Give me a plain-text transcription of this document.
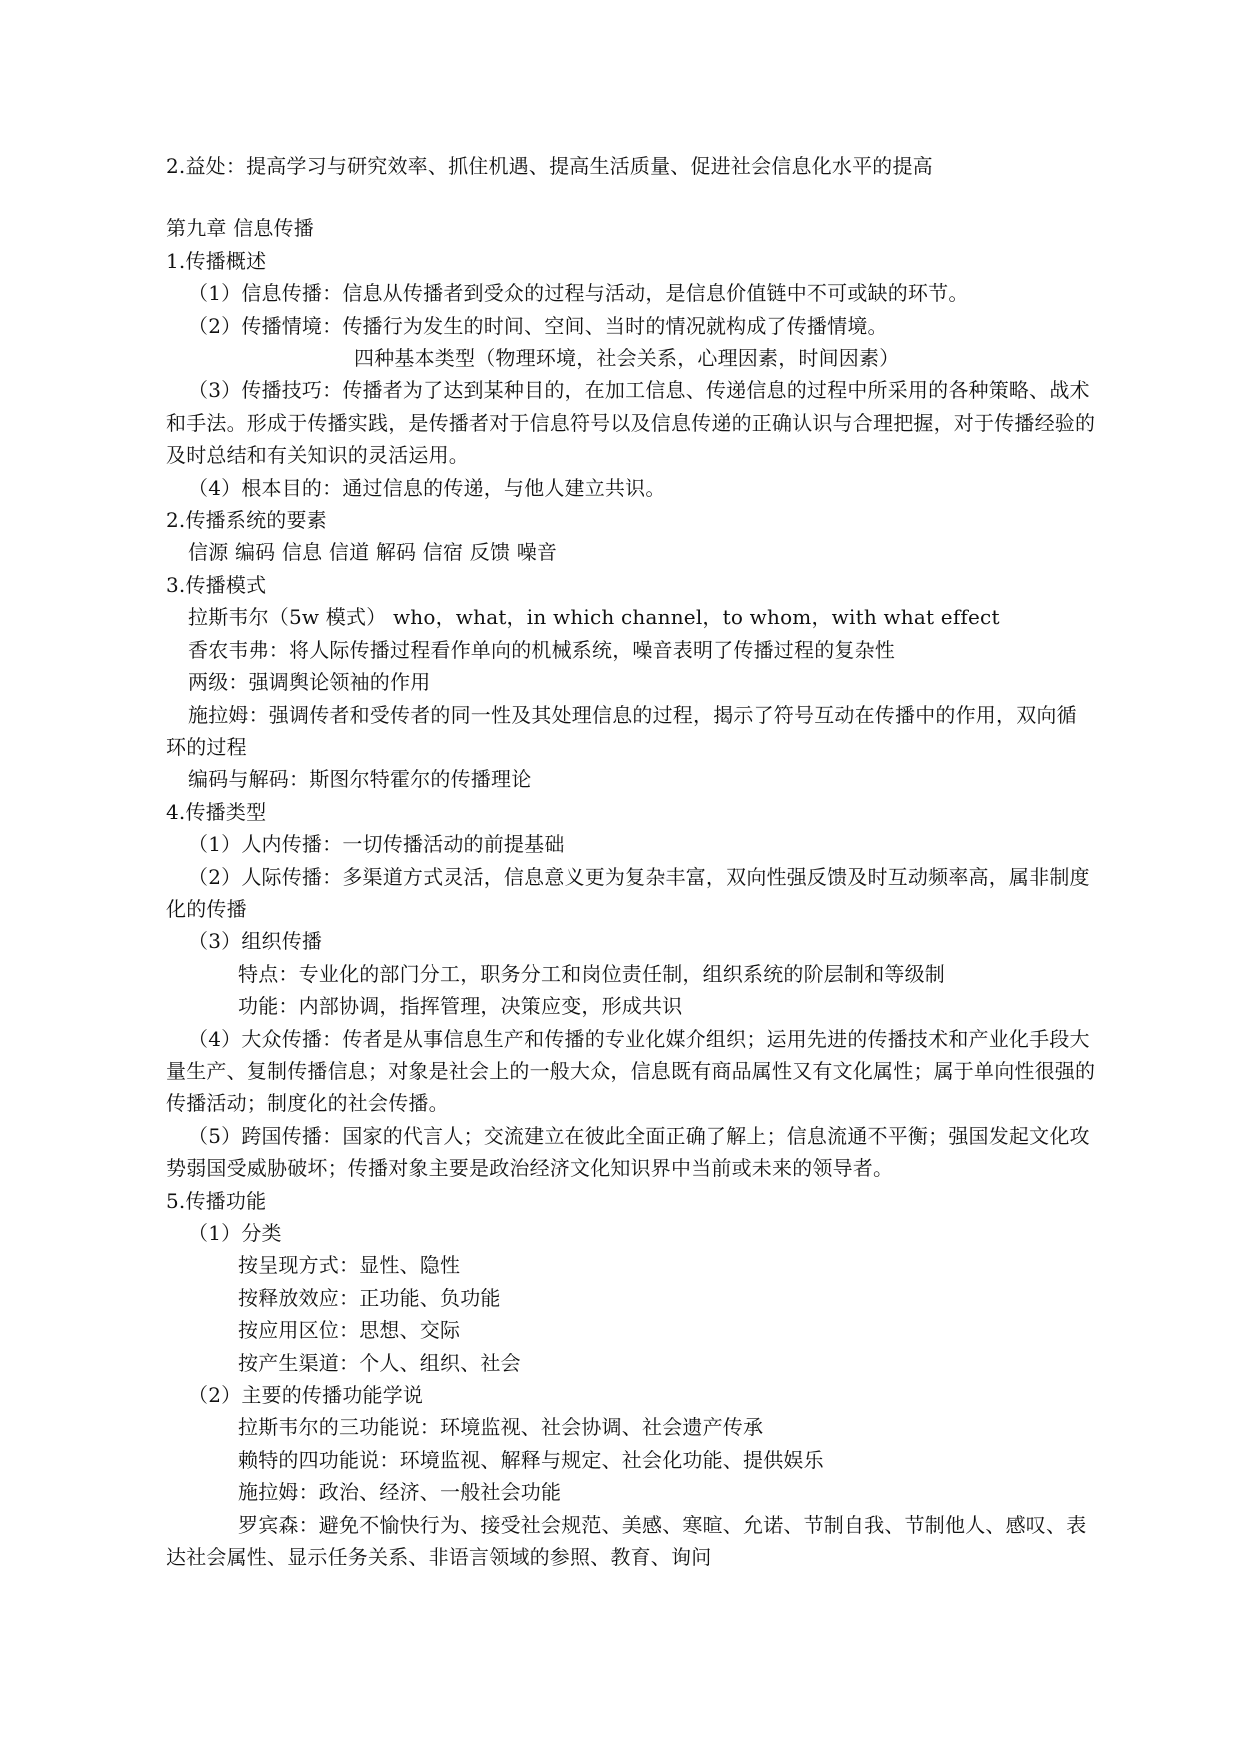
2.益处：提高学习与研究效率、抓住机遇、提高生活质量、促进社会信息化水平的提高
第九章 信息传播
1.传播概述
（1）信息传播：信息从传播者到受众的过程与活动，是信息价值链中不可或缺的环节。
（2）传播情境：传播行为发生的时间、空间、当时的情况就构成了传播情境。
四种基本类型（物理环境，社会关系，心理因素，时间因素）
（3）传播技巧：传播者为了达到某种目的，在加工信息、传递信息的过程中所采用的各种策略、战术和手法。形成于传播实践，是传播者对于信息符号以及信息传递的正确认识与合理把握，对于传播经验的及时总结和有关知识的灵活运用。
（4）根本目的：通过信息的传递，与他人建立共识。
2.传播系统的要素
信源 编码 信息 信道 解码 信宿 反馈 噪音
3.传播模式
拉斯韦尔（5w 模式） who，what，in which channel，to whom，with what effect
香农韦弗：将人际传播过程看作单向的机械系统，噪音表明了传播过程的复杂性
两级：强调舆论领袖的作用
施拉姆：强调传者和受传者的同一性及其处理信息的过程，揭示了符号互动在传播中的作用，双向循环的过程
编码与解码：斯图尔特霍尔的传播理论
4.传播类型
（1）人内传播：一切传播活动的前提基础
（2）人际传播：多渠道方式灵活，信息意义更为复杂丰富，双向性强反馈及时互动频率高，属非制度化的传播
（3）组织传播
特点：专业化的部门分工，职务分工和岗位责任制，组织系统的阶层制和等级制
功能：内部协调，指挥管理，决策应变，形成共识
（4）大众传播：传者是从事信息生产和传播的专业化媒介组织；运用先进的传播技术和产业化手段大量生产、复制传播信息；对象是社会上的一般大众，信息既有商品属性又有文化属性；属于单向性很强的传播活动；制度化的社会传播。
（5）跨国传播：国家的代言人；交流建立在彼此全面正确了解上；信息流通不平衡；强国发起文化攻势弱国受威胁破坏；传播对象主要是政治经济文化知识界中当前或未来的领导者。
5.传播功能
（1）分类
按呈现方式：显性、隐性
按释放效应：正功能、负功能
按应用区位：思想、交际
按产生渠道：个人、组织、社会
（2）主要的传播功能学说
拉斯韦尔的三功能说：环境监视、社会协调、社会遗产传承
赖特的四功能说：环境监视、解释与规定、社会化功能、提供娱乐
施拉姆：政治、经济、一般社会功能
罗宾森：避免不愉快行为、接受社会规范、美感、寒暄、允诺、节制自我、节制他人、感叹、表达社会属性、显示任务关系、非语言领域的参照、教育、询问
